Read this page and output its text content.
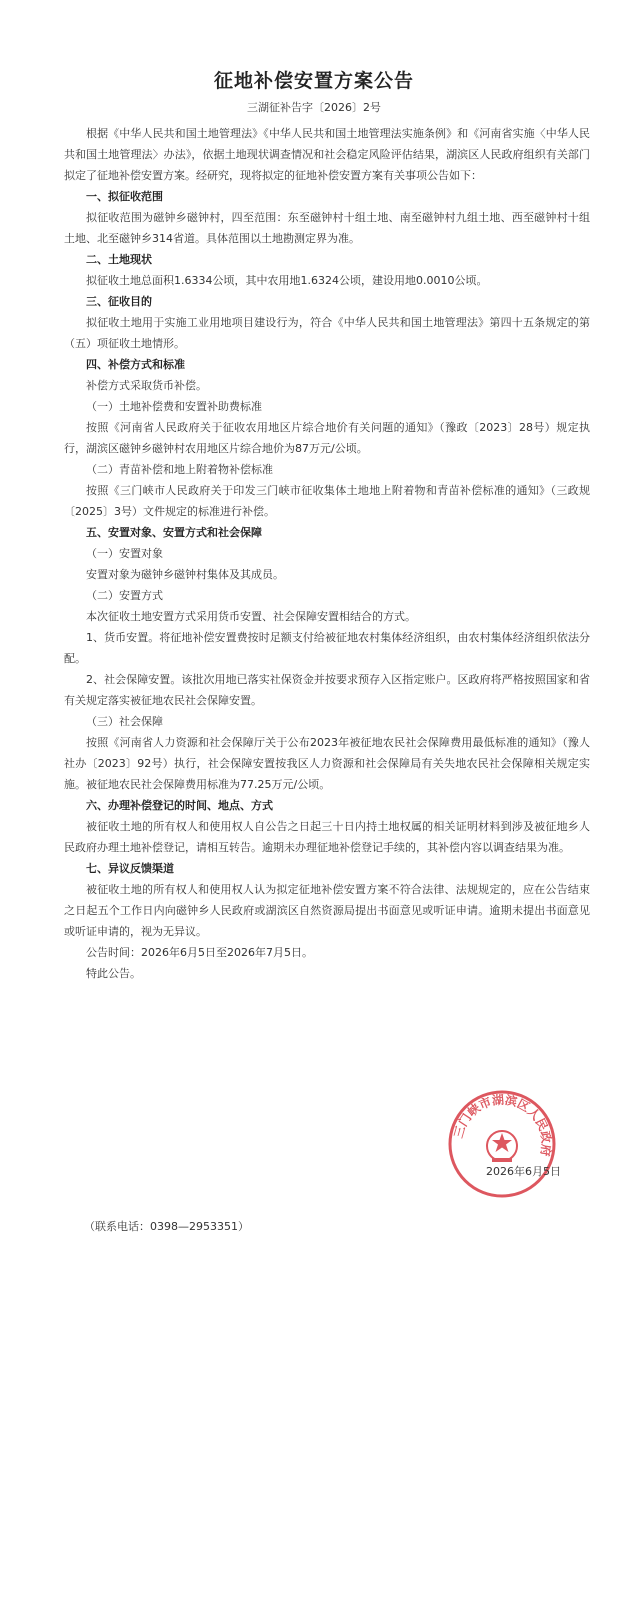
征地补偿安置方案公告
三湖征补告字〔2026〕2号

根据《中华人民共和国土地管理法》《中华人民共和国土地管理法实施条例》和《河南省实施〈中华人民共和国土地管理法〉办法》，依据土地现状调查情况和社会稳定风险评估结果，湖滨区人民政府组织有关部门拟定了征地补偿安置方案。经研究，现将拟定的征地补偿安置方案有关事项公告如下：

一、拟征收范围

拟征收范围为磁钟乡磁钟村，四至范围：东至磁钟村十组土地、南至磁钟村九组土地、西至磁钟村十组土地、北至磁钟乡314省道。具体范围以土地勘测定界为准。

二、土地现状

拟征收土地总面积1.6334公顷，其中农用地1.6324公顷，建设用地0.0010公顷。

三、征收目的

拟征收土地用于实施工业用地项目建设行为，符合《中华人民共和国土地管理法》第四十五条规定的第（五）项征收土地情形。

四、补偿方式和标准

补偿方式采取货币补偿。

（一）土地补偿费和安置补助费标准

按照《河南省人民政府关于征收农用地区片综合地价有关问题的通知》（豫政〔2023〕28号）规定执行，湖滨区磁钟乡磁钟村农用地区片综合地价为87万元/公顷。

（二）青苗补偿和地上附着物补偿标准

按照《三门峡市人民政府关于印发三门峡市征收集体土地地上附着物和青苗补偿标准的通知》（三政规〔2025〕3号）文件规定的标准进行补偿。

五、安置对象、安置方式和社会保障

（一）安置对象

安置对象为磁钟乡磁钟村集体及其成员。

（二）安置方式

本次征收土地安置方式采用货币安置、社会保障安置相结合的方式。

1、货币安置。将征地补偿安置费按时足额支付给被征地农村集体经济组织，由农村集体经济组织依法分配。

2、社会保障安置。该批次用地已落实社保资金并按要求预存入区指定账户。区政府将严格按照国家和省有关规定落实被征地农民社会保障安置。

（三）社会保障

按照《河南省人力资源和社会保障厅关于公布2023年被征地农民社会保障费用最低标准的通知》（豫人社办〔2023〕92号）执行，社会保障安置按我区人力资源和社会保障局有关失地农民社会保障相关规定实施。被征地农民社会保障费用标准为77.25万元/公顷。

六、办理补偿登记的时间、地点、方式

被征收土地的所有权人和使用权人自公告之日起三十日内持土地权属的相关证明材料到涉及被征地乡人民政府办理土地补偿登记，请相互转告。逾期未办理征地补偿登记手续的，其补偿内容以调查结果为准。

七、异议反馈渠道

被征收土地的所有权人和使用权人认为拟定征地补偿安置方案不符合法律、法规规定的，应在公告结束之日起五个工作日内向磁钟乡人民政府或湖滨区自然资源局提出书面意见或听证申请。逾期未提出书面意见或听证申请的，视为无异议。

公告时间：2026年6月5日至2026年7月5日。

特此公告。

三门峡市湖滨区人民政府
2026年6月5日
（联系电话：0398—2953351）
